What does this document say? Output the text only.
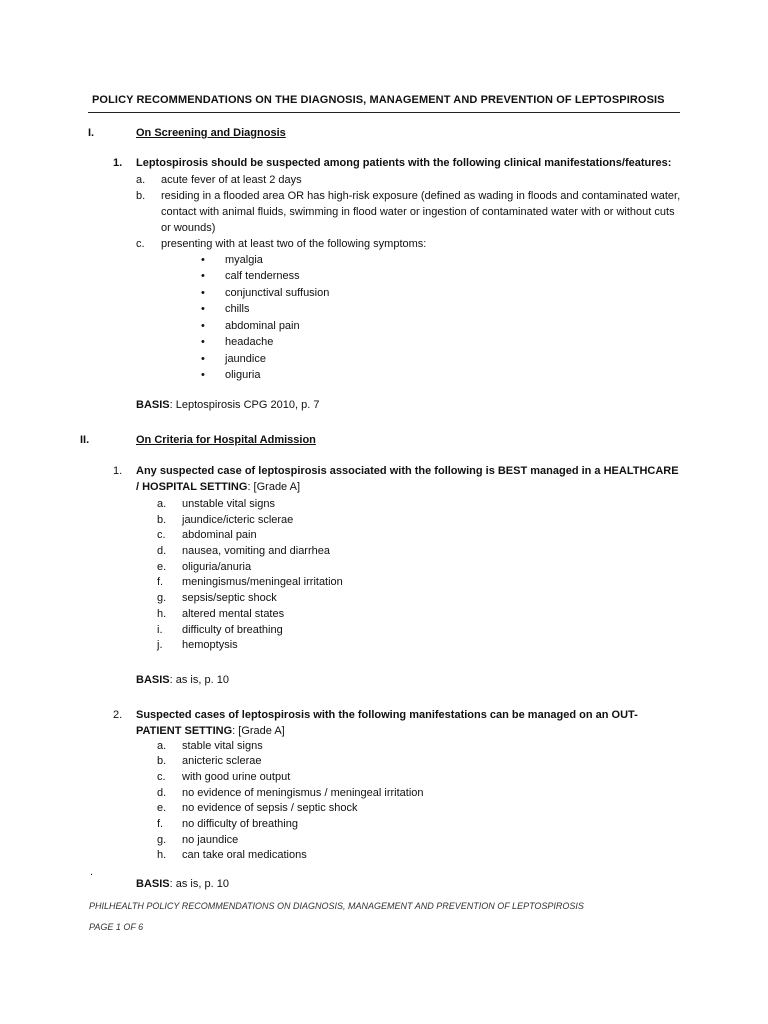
POLICY RECOMMENDATIONS ON THE DIAGNOSIS, MANAGEMENT AND PREVENTION OF LEPTOSPIROSIS
I.	On Screening and Diagnosis
1. Leptospirosis should be suspected among patients with the following clinical manifestations/features:
a. acute fever of at least 2 days
b. residing in a flooded area OR has high-risk exposure (defined as wading in floods and contaminated water, contact with animal fluids, swimming in flood water or ingestion of contaminated water with or without cuts or wounds)
c. presenting with at least two of the following symptoms:
• myalgia
• calf tenderness
• conjunctival suffusion
• chills
• abdominal pain
• headache
• jaundice
• oliguria
BASIS: Leptospirosis CPG 2010, p. 7
II.	On Criteria for Hospital Admission
1. Any suspected case of leptospirosis associated with the following is BEST managed in a HEALTHCARE / HOSPITAL SETTING: [Grade A]
a. unstable vital signs
b. jaundice/icteric sclerae
c. abdominal pain
d. nausea, vomiting and diarrhea
e. oliguria/anuria
f. meningismus/meningeal irritation
g. sepsis/septic shock
h. altered mental states
i. difficulty of breathing
j. hemoptysis
BASIS: as is, p. 10
2. Suspected cases of leptospirosis with the following manifestations can be managed on an OUT-PATIENT SETTING: [Grade A]
a. stable vital signs
b. anicteric sclerae
c. with good urine output
d. no evidence of meningismus / meningeal irritation
e. no evidence of sepsis / septic shock
f. no difficulty of breathing
g. no jaundice
h. can take oral medications
.
BASIS: as is, p. 10
PHILHEALTH POLICY RECOMMENDATIONS ON DIAGNOSIS, MANAGEMENT AND PREVENTION OF LEPTOSPIROSIS
PAGE 1 OF 6
